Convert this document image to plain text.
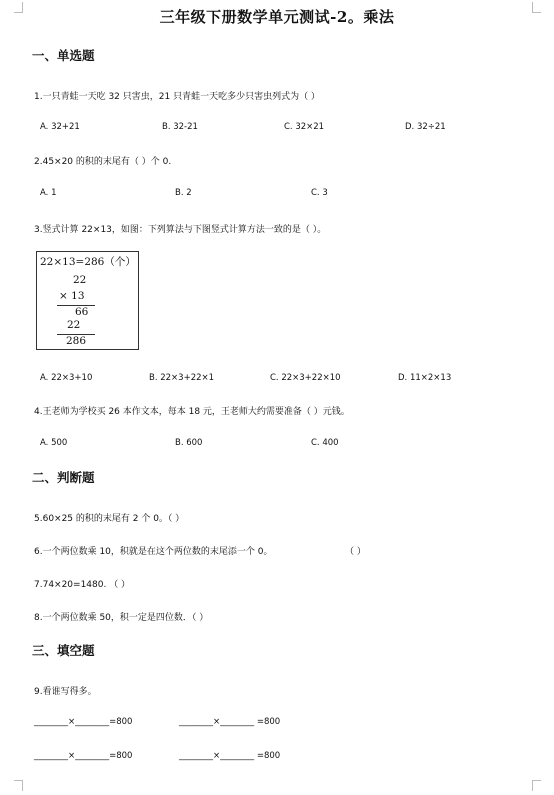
三年级下册数学单元测试-2。乘法
一、单选题
1.一只青蛙一天吃 32 只害虫，21 只青蛙一天吃多少只害虫列式为（ ）
A. 32+21	B. 32-21	C. 32×21	D. 32÷21
2.45×20 的积的末尾有（ ）个 0.
A. 1	B. 2	C. 3
3.竖式计算 22×13，如图：下列算法与下图竖式计算方法一致的是（ ）。
22×13=286（个）
22
× 13
66
22
286
A. 22×3+10	B. 22×3+22×1	C. 22×3+22×10	D. 11×2×13
4.王老师为学校买 26 本作文本，每本 18 元，王老师大约需要准备（ ）元钱。
A. 500	B. 600	C. 400
二、判断题
5.60×25 的积的末尾有 2 个 0。（ ）
6.一个两位数乘 10，积就是在这个两位数的末尾添一个 0。	（ ）
7.74×20=1480. （ ）
8.一个两位数乘 50，积一定是四位数．（ ）
三、填空题
9.看谁写得多。
________×________=800	________×________ =800
________×________=800	________×________ =800
